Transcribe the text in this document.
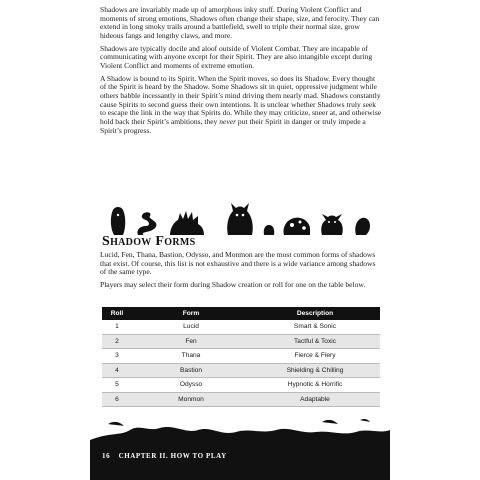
Shadows are invariably made up of amorphous inky stuff. During Violent Conflict and moments of strong emotions, Shadows often change their shape, size, and ferocity. They can extend in long smoky trails around a battlefield, swell to triple their normal size, grow hideous fangs and lengthy claws, and more.

Shadows are typically docile and aloof outside of Violent Combat. They are incapable of communicating with anyone except for their Spirit. They are also intangible except during Violent Conflict and moments of extreme emotion.

A Shadow is bound to its Spirit. When the Spirit moves, so does its Shadow. Every thought of the Spirit is heard by the Shadow. Some Shadows sit in quiet, oppressive judgment while others babble incessantly in their Spirit’s mind driving them nearly mad. Shadows constantly cause Spirits to second guess their own intentions. It is unclear whether Shadows truly seek to escape the link in the way that Spirits do. While they may criticize, sneer at, and otherwise hold back their Spirit’s ambitions, they never put their Spirit in danger or truly impede a Spirit’s progress.

Shadow Forms

Lucid, Fen, Thana, Bastion, Odysso, and Monmon are the most common forms of shadows that exist. Of course, this list is not exhaustive and there is a wide variance among shadows of the same type.

Players may select their form during Shadow creation or roll for one on the table below.

Roll	Form	Description
1	Lucid	Smart & Sonic
2	Fen	Tactful & Toxic
3	Thana	Fierce & Fiery
4	Bastion	Shielding & Chilling
5	Odysso	Hypnotic & Horrific
6	Monmon	Adaptable
16 CHAPTER II. HOW TO PLAY
